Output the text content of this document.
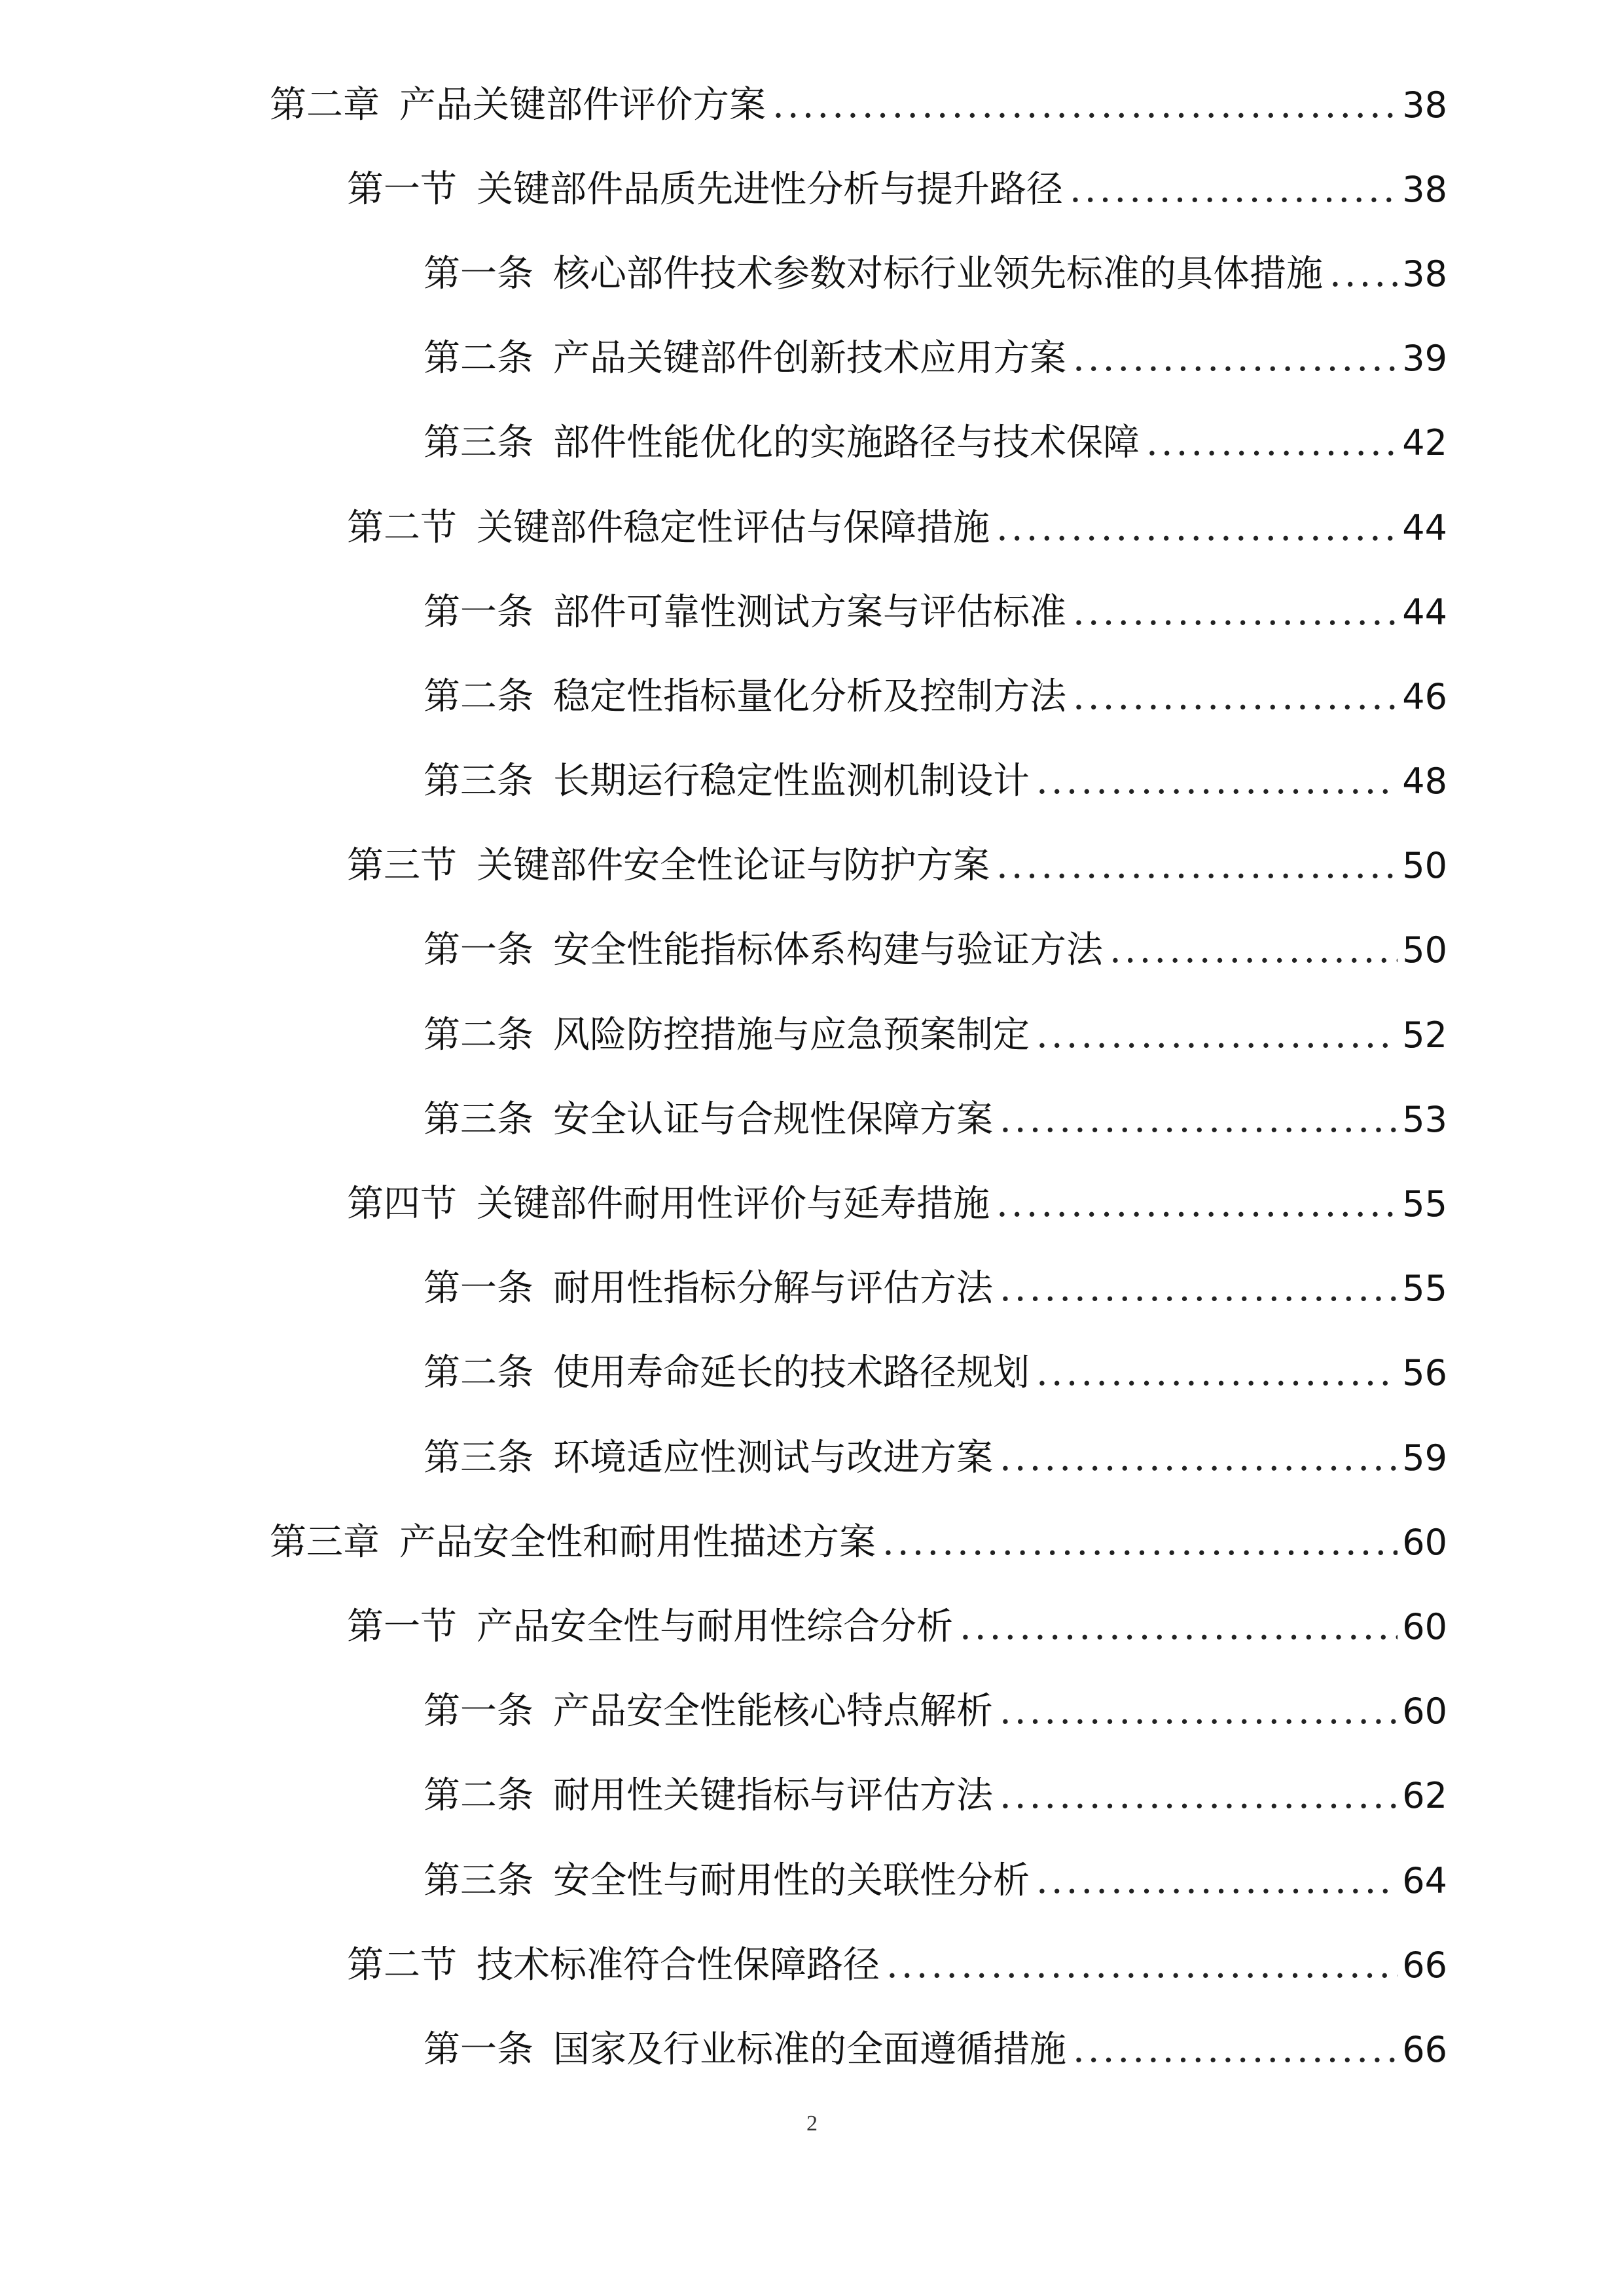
第二章 产品关键部件评价方案 .....	38
第一节 关键部件品质先进性分析与提升路径 .....	38
第一条 核心部件技术参数对标行业领先标准的具体措施 ..... 38
第二条 产品关键部件创新技术应用方案 .....	39
第三条 部件性能优化的实施路径与技术保障 .....	42
第二节 关键部件稳定性评估与保障措施 .....	44
第一条 部件可靠性测试方案与评估标准 .....	44
第二条 稳定性指标量化分析及控制方法 .....	46
第三条 长期运行稳定性监测机制设计 .....	48
第三节 关键部件安全性论证与防护方案 .....	50
第一条 安全性能指标体系构建与验证方法 .....	50
第二条 风险防控措施与应急预案制定 .....	52
第三条 安全认证与合规性保障方案 .....	53
第四节 关键部件耐用性评价与延寿措施 .....	55
第一条 耐用性指标分解与评估方法 .....	55
第二条 使用寿命延长的技术路径规划 .....	56
第三条 环境适应性测试与改进方案 .....	59
第三章 产品安全性和耐用性描述方案 .....	60
第一节 产品安全性与耐用性综合分析 .....	60
第一条 产品安全性能核心特点解析 .....	60
第二条 耐用性关键指标与评估方法 .....	62
第三条 安全性与耐用性的关联性分析 .....	64
第二节 技术标准符合性保障路径 .....	66
第一条 国家及行业标准的全面遵循措施 .....	66
2
